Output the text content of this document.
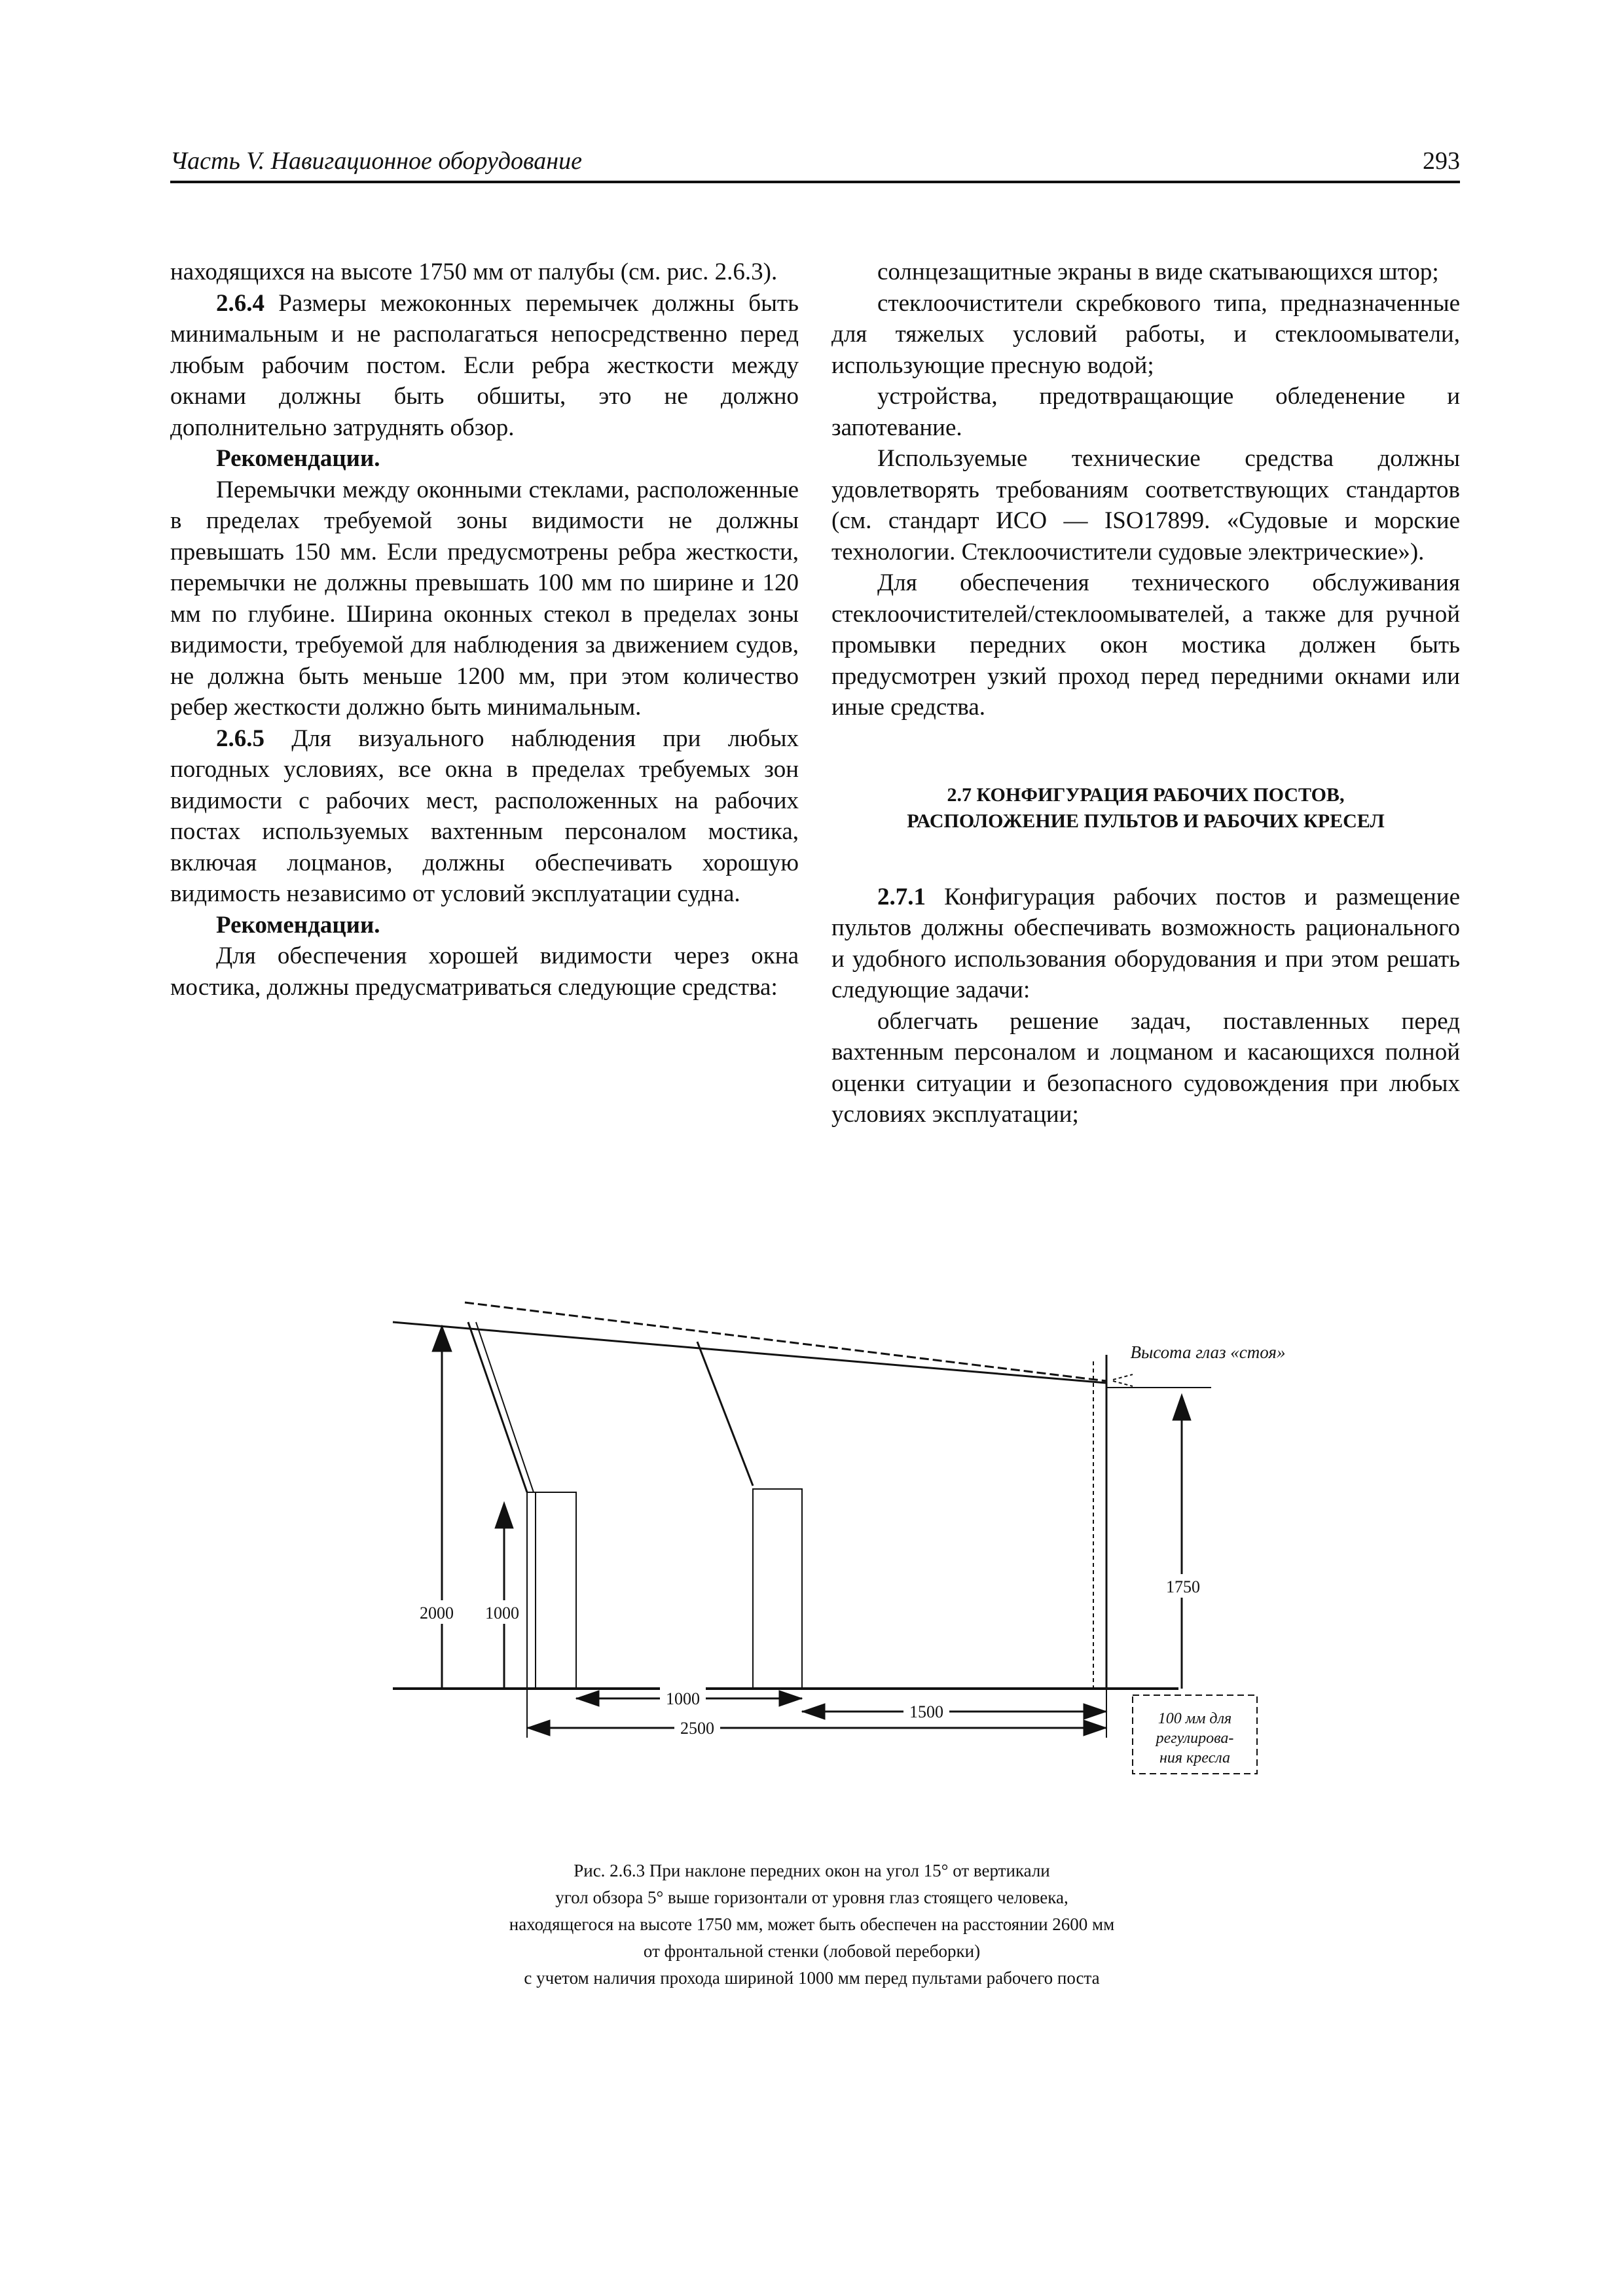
Часть V. Навигационное оборудование	293

находящихся на высоте 1750 мм от палубы (см. рис. 2.6.3).

2.6.4 Размеры межоконных перемычек должны быть минимальным и не располагаться непосредственно перед любым рабочим постом. Если ребра жесткости между окнами должны быть обшиты, это не должно дополнительно затруднять обзор.

Рекомендации.

Перемычки между оконными стеклами, расположенные в пределах требуемой зоны видимости не должны превышать 150 мм. Если предусмотрены ребра жесткости, перемычки не должны превышать 100 мм по ширине и 120 мм по глубине. Ширина оконных стекол в пределах зоны видимости, требуемой для наблюдения за движением судов, не должна быть меньше 1200 мм, при этом количество ребер жесткости должно быть минимальным.

2.6.5 Для визуального наблюдения при любых погодных условиях, все окна в пределах требуемых зон видимости с рабочих мест, расположенных на рабочих постах используемых вахтенным персоналом мостика, включая лоцманов, должны обеспечивать хорошую видимость независимо от условий эксплуатации судна.

Рекомендации.

Для обеспечения хорошей видимости через окна мостика, должны предусматриваться следующие средства:

солнцезащитные экраны в виде скатывающихся штор;

стеклоочистители скребкового типа, предназначенные для тяжелых условий работы, и стеклоомыватели, использующие пресную водой;

устройства, предотвращающие обледенение и запотевание.

Используемые технические средства должны удовлетворять требованиям соответствующих стандартов (см. стандарт ИСО — ISO17899. «Судовые и морские технологии. Стеклоочистители судовые электрические»).

Для обеспечения технического обслуживания стеклоочистителей/стеклоомывателей, а также для ручной промывки передних окон мостика должен быть предусмотрен узкий проход перед передними окнами или иные средства.

2.7 КОНФИГУРАЦИЯ РАБОЧИХ ПОСТОВ,
РАСПОЛОЖЕНИЕ ПУЛЬТОВ И РАБОЧИХ КРЕСЕЛ

2.7.1 Конфигурация рабочих постов и размещение пультов должны обеспечивать возможность рационального и удобного использования оборудования и при этом решать следующие задачи:

облегчать решение задач, поставленных перед вахтенным персоналом и лоцманом и касающихся полной оценки ситуации и безопасного судовождения при любых условиях эксплуатации;

Высота глаз «стоя»
1750
2000 1000
1000
1500
2500	100 мм для
регулирова-
ния кресла
Рис. 2.6.3 При наклоне передних окон на угол 15° от вертикали
угол обзора 5° выше горизонтали от уровня глаз стоящего человека,
находящегося на высоте 1750 мм, может быть обеспечен на расстоянии 2600 мм
от фронтальной стенки (лобовой переборки)
с учетом наличия прохода шириной 1000 мм перед пультами рабочего поста
